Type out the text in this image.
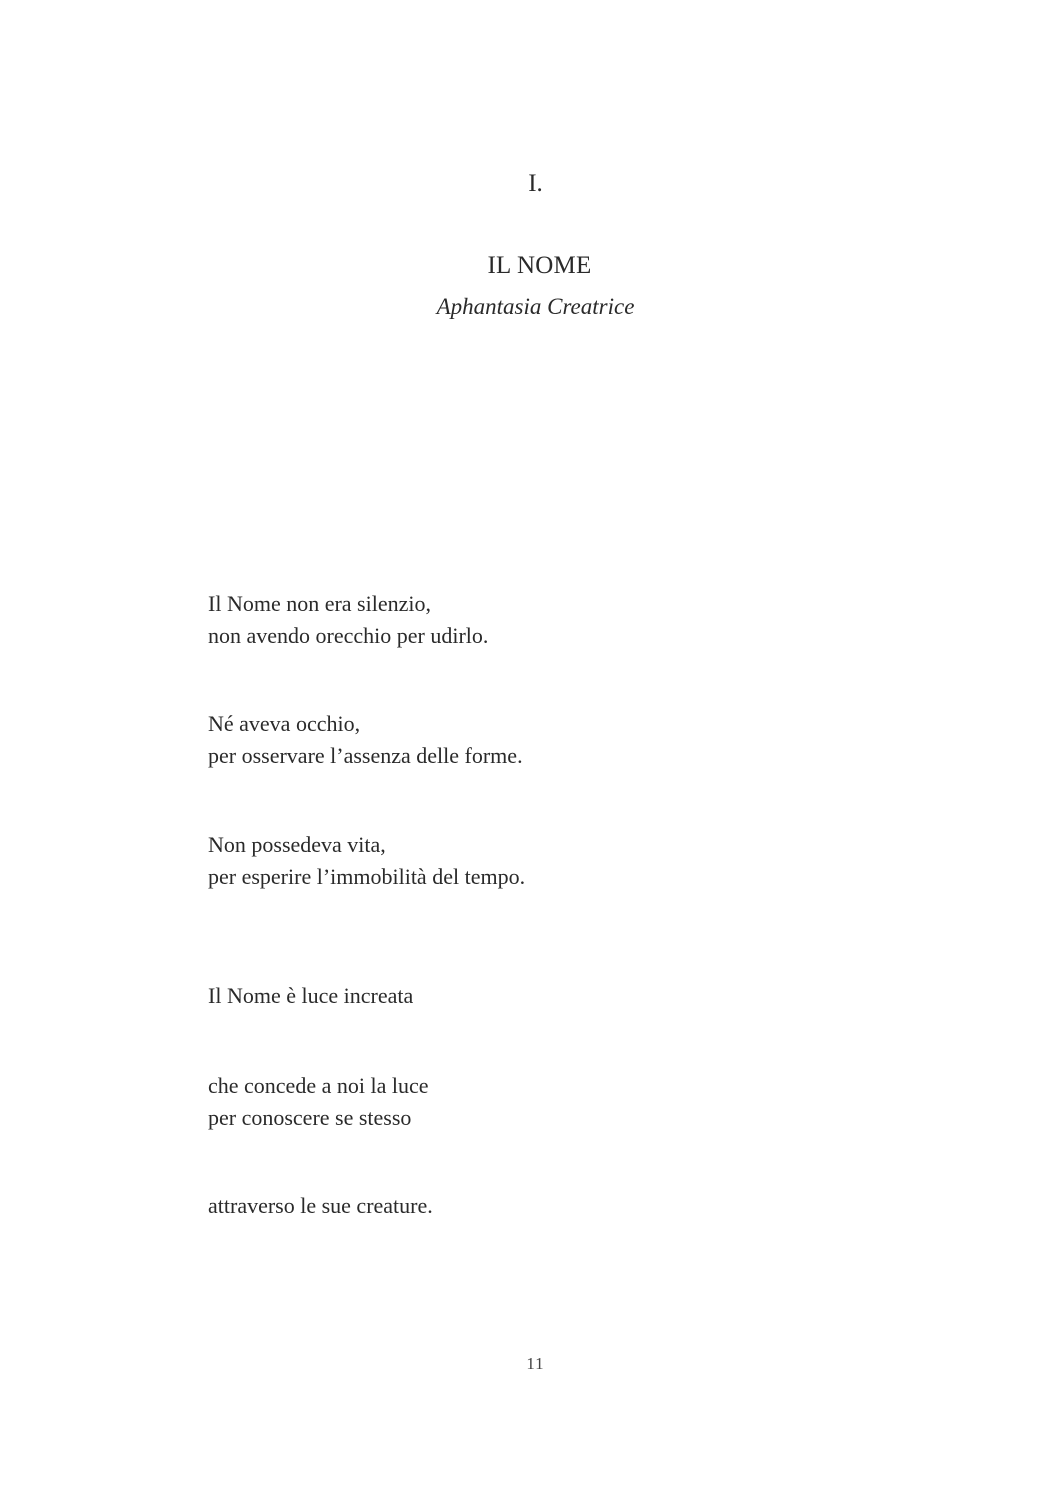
I.
IL NOME
Aphantasia Creatrice
Il Nome non era silenzio,
non avendo orecchio per udirlo.
Né aveva occhio,
per osservare l’assenza delle forme.
Non possedeva vita,
per esperire l’immobilità del tempo.
Il Nome è luce increata
che concede a noi la luce
per conoscere se stesso
attraverso le sue creature.
11
